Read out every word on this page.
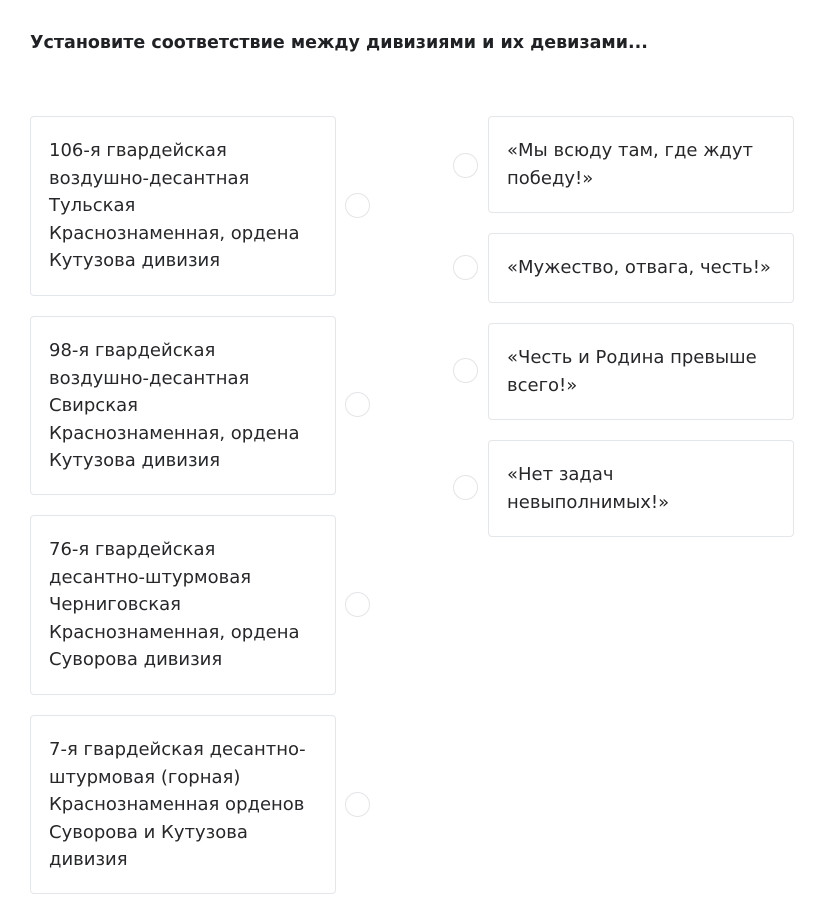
Установите соответствие между дивизиями и их девизами...
106-я гвардейская
воздушно-десантная
Тульская
Краснознаменная, ордена
Кутузова дивизия
98-я гвардейская
воздушно-десантная
Свирская
Краснознаменная, ордена
Кутузова дивизия
76-я гвардейская
десантно-штурмовая
Черниговская
Краснознаменная, ордена
Суворова дивизия
7-я гвардейская десантно-
штурмовая (горная)
Краснознаменная орденов
Суворова и Кутузова
дивизия
«Мы всюду там, где ждут
победу!»
«Мужество, отвага, честь!»
«Честь и Родина превыше
всего!»
«Нет задач
невыполнимых!»
